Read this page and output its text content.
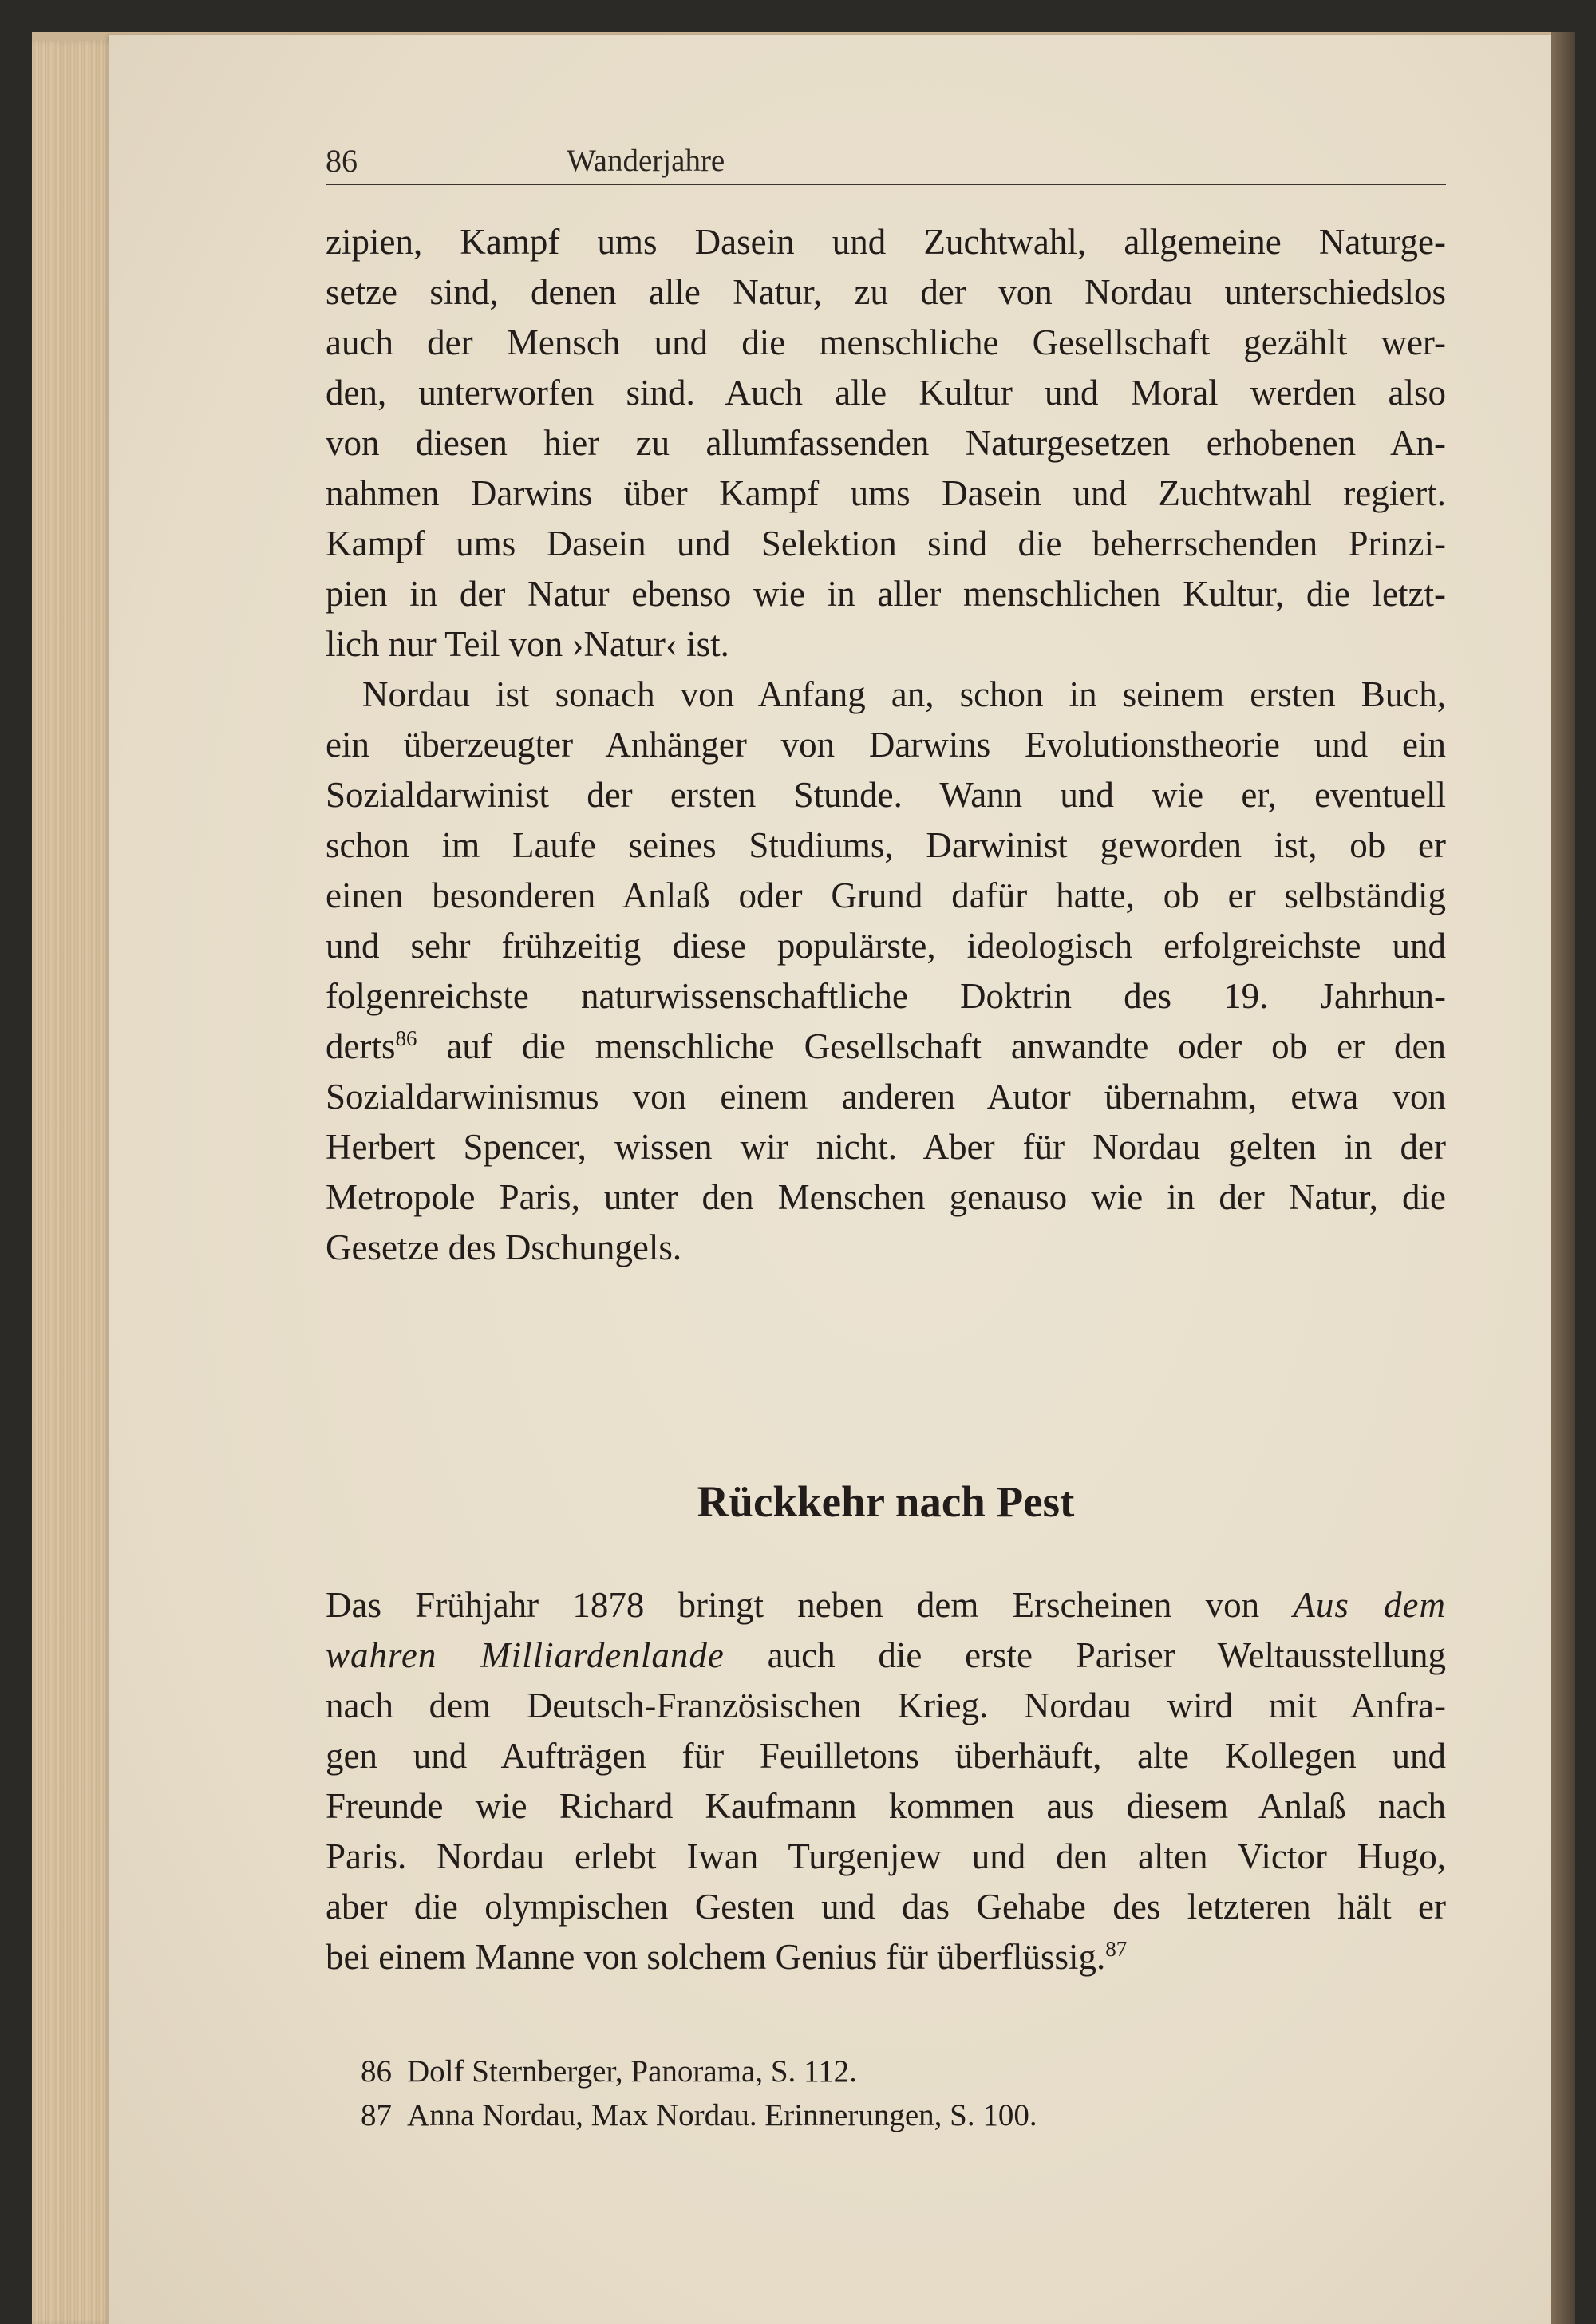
86	Wanderjahre

zipien, Kampf ums Dasein und Zuchtwahl, allgemeine Naturge-
setze sind, denen alle Natur, zu der von Nordau unterschiedslos
auch der Mensch und die menschliche Gesellschaft gezählt wer-
den, unterworfen sind. Auch alle Kultur und Moral werden also
von diesen hier zu allumfassenden Naturgesetzen erhobenen An-
nahmen Darwins über Kampf ums Dasein und Zuchtwahl regiert.
Kampf ums Dasein und Selektion sind die beherrschenden Prinzi-
pien in der Natur ebenso wie in aller menschlichen Kultur, die letzt-
lich nur Teil von ›Natur‹ ist.

Nordau ist sonach von Anfang an, schon in seinem ersten Buch,
ein überzeugter Anhänger von Darwins Evolutionstheorie und ein
Sozialdarwinist der ersten Stunde. Wann und wie er, eventuell
schon im Laufe seines Studiums, Darwinist geworden ist, ob er
einen besonderen Anlaß oder Grund dafür hatte, ob er selbständig
und sehr frühzeitig diese populärste, ideologisch erfolgreichste und
folgenreichste naturwissenschaftliche Doktrin des 19. Jahrhun-
derts$^{86}$ auf die menschliche Gesellschaft anwandte oder ob er den
Sozialdarwinismus von einem anderen Autor übernahm, etwa von
Herbert Spencer, wissen wir nicht. Aber für Nordau gelten in der
Metropole Paris, unter den Menschen genauso wie in der Natur, die
Gesetze des Dschungels.

Rückkehr nach Pest

Das Frühjahr 1878 bringt neben dem Erscheinen von Aus dem
wahren Milliardenlande auch die erste Pariser Weltausstellung
nach dem Deutsch-Französischen Krieg. Nordau wird mit Anfra-
gen und Aufträgen für Feuilletons überhäuft, alte Kollegen und
Freunde wie Richard Kaufmann kommen aus diesem Anlaß nach
Paris. Nordau erlebt Iwan Turgenjew und den alten Victor Hugo,
aber die olympischen Gesten und das Gehabe des letzteren hält er
bei einem Manne von solchem Genius für überflüssig.$^{87}$

86 Dolf Sternberger, Panorama, S. 112.
87 Anna Nordau, Max Nordau. Erinnerungen, S. 100.
